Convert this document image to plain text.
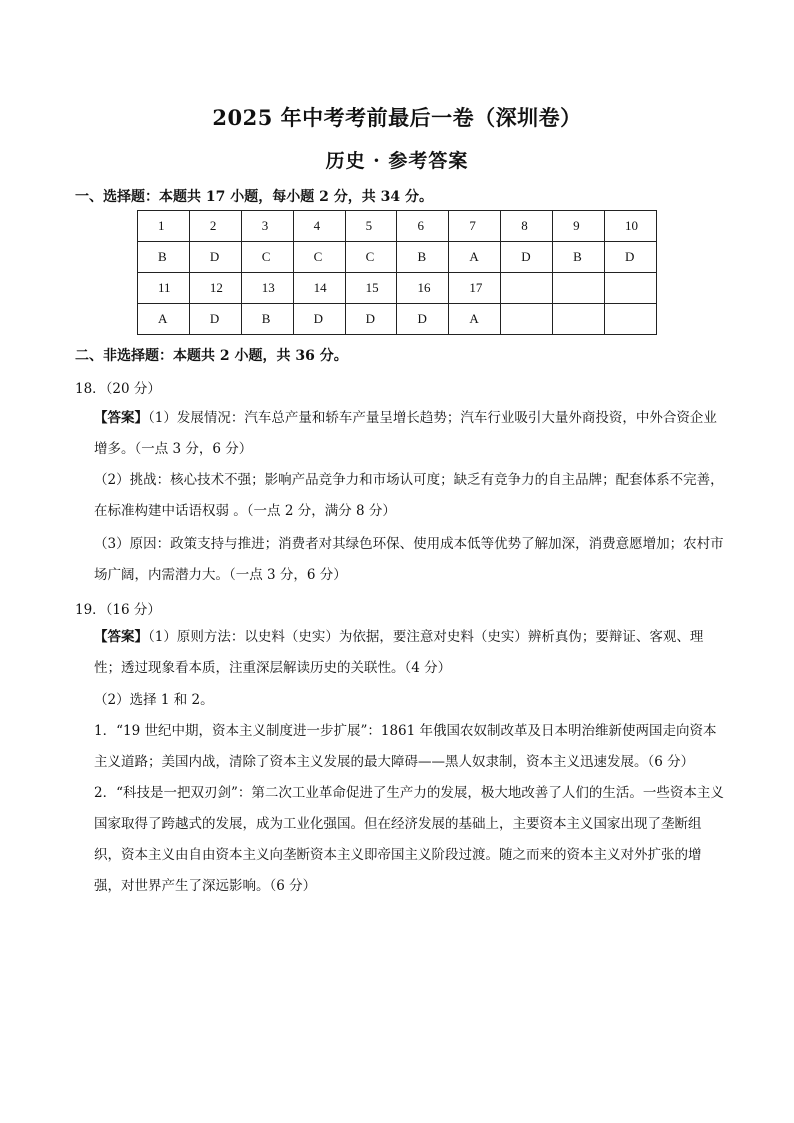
2025 年中考考前最后一卷（深圳卷）
历史 · 参考答案
一、选择题：本题共 17 小题，每小题 2 分，共 34 分。
1	2	3	4	5	6	7	8	9	10
B	D	C	C	C	B	A	D	B	D
11	12	13	14	15	16	17			
A	D	B	D	D	D	A			
二、非选择题：本题共 2 小题，共 36 分。
18．（20 分）
【答案】（1）发展情况：汽车总产量和轿车产量呈增长趋势；汽车行业吸引大量外商投资，中外合资企业增多。（一点 3 分，6 分）
（2）挑战：核心技术不强；影响产品竞争力和市场认可度；缺乏有竞争力的自主品牌；配套体系不完善，在标准构建中话语权弱 。（一点 2 分，满分 8 分）
（3）原因：政策支持与推进；消费者对其绿色环保、使用成本低等优势了解加深，消费意愿增加；农村市场广阔，内需潜力大。（一点 3 分，6 分）
19．（16 分）
【答案】（1）原则方法：以史料（史实）为依据，要注意对史料（史实）辨析真伪；要辩证、客观、理性；透过现象看本质，注重深层解读历史的关联性。（4 分）
（2）选择 1 和 2。
1．“19 世纪中期，资本主义制度进一步扩展”：1861 年俄国农奴制改革及日本明治维新使两国走向资本主义道路；美国内战，清除了资本主义发展的最大障碍——黑人奴隶制，资本主义迅速发展。（6 分）
2．“科技是一把双刃剑”：第二次工业革命促进了生产力的发展，极大地改善了人们的生活。一些资本主义国家取得了跨越式的发展，成为工业化强国。但在经济发展的基础上，主要资本主义国家出现了垄断组织，资本主义由自由资本主义向垄断资本主义即帝国主义阶段过渡。随之而来的资本主义对外扩张的增强，对世界产生了深远影响。（6 分）
